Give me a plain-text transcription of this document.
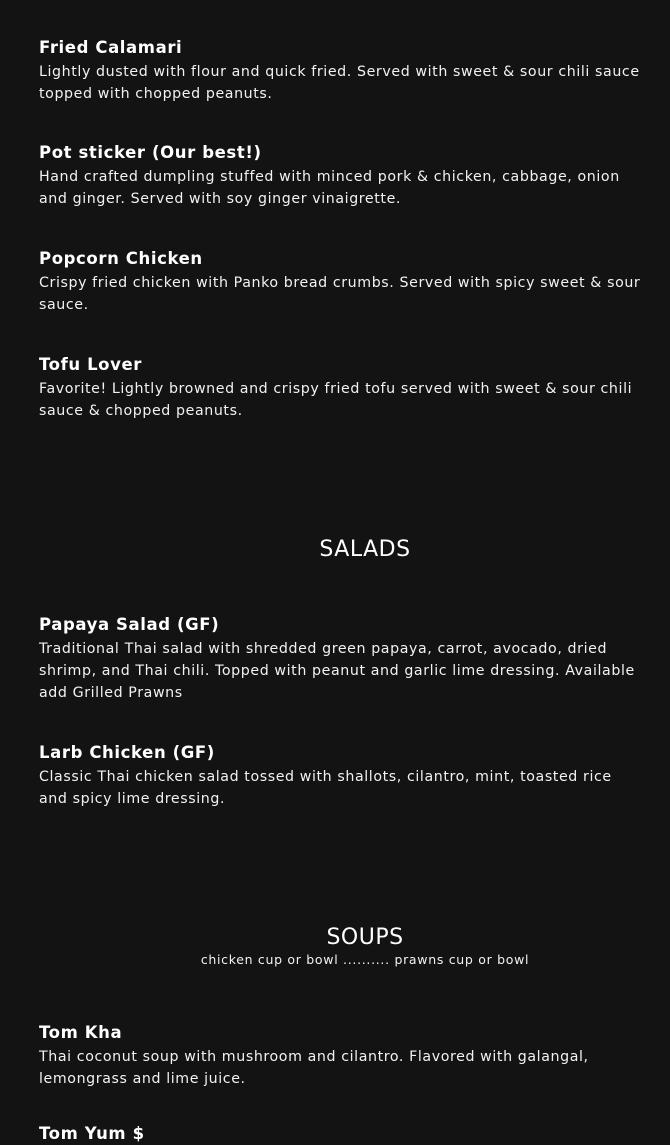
Fried Calamari
Lightly dusted with flour and quick fried. Served with sweet & sour chili sauce topped with chopped peanuts.
Pot sticker (Our best!)
Hand crafted dumpling stuffed with minced pork & chicken, cabbage, onion and ginger. Served with soy ginger vinaigrette.
Popcorn Chicken
Crispy fried chicken with Panko bread crumbs. Served with spicy sweet & sour sauce.
Tofu Lover
Favorite! Lightly browned and crispy fried tofu served with sweet & sour chili sauce & chopped peanuts.
SALADS
Papaya Salad (GF)
Traditional Thai salad with shredded green papaya, carrot, avocado, dried shrimp, and Thai chili. Topped with peanut and garlic lime dressing. Available add Grilled Prawns
Larb Chicken (GF)
Classic Thai chicken salad tossed with shallots, cilantro, mint, toasted rice and spicy lime dressing.
SOUPS
chicken cup or bowl .......... prawns cup or bowl
Tom Kha
Thai coconut soup with mushroom and cilantro. Flavored with galangal, lemongrass and lime juice.
Tom Yum $
